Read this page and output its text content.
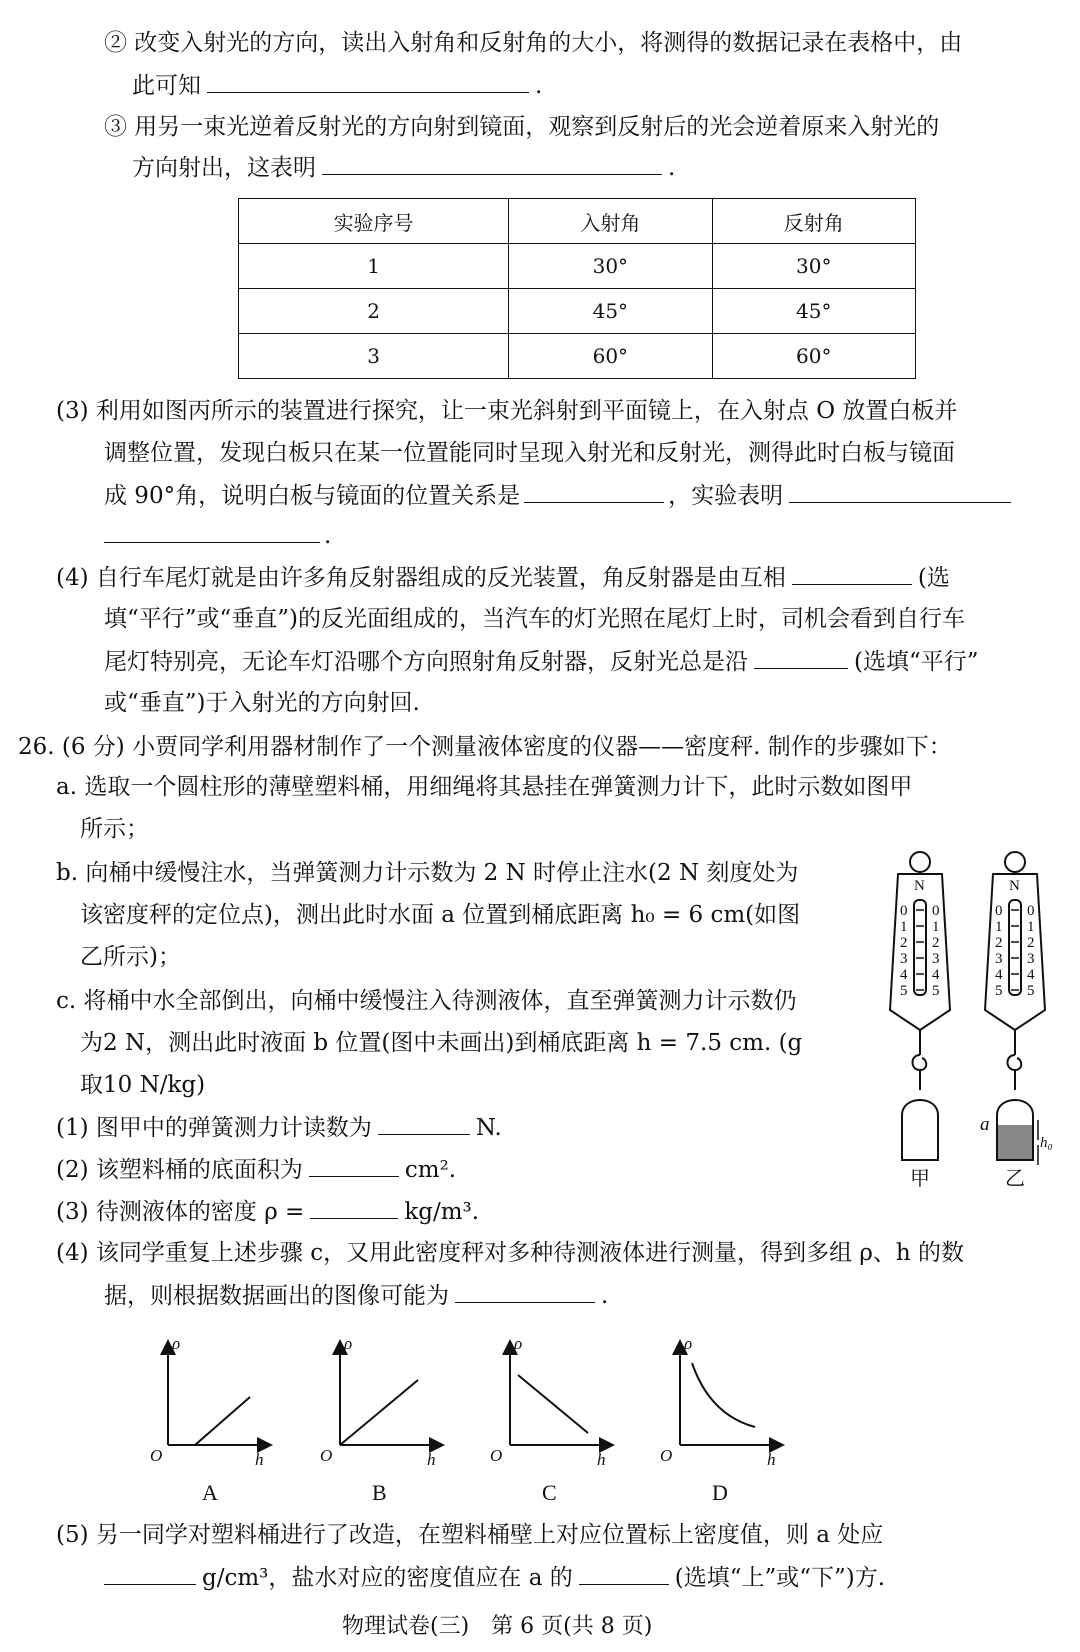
② 改变入射光的方向，读出入射角和反射角的大小，将测得的数据记录在表格中，由
此可知	.
③ 用另一束光逆着反射光的方向射到镜面，观察到反射后的光会逆着原来入射光的
方向射出，这表明	.
实验序号	入射角	反射角
1	30°	30°
2	45°	45°
3	60°	60°
(3) 利用如图丙所示的装置进行探究，让一束光斜射到平面镜上，在入射点 O 放置白板并
调整位置，发现白板只在某一位置能同时呈现入射光和反射光，测得此时白板与镜面
成 90°角，说明白板与镜面的位置关系是	，实验表明
.
(4) 自行车尾灯就是由许多角反射器组成的反光装置，角反射器是由互相	(选
填“平行”或“垂直”)的反光面组成的，当汽车的灯光照在尾灯上时，司机会看到自行车
尾灯特别亮，无论车灯沿哪个方向照射角反射器，反射光总是沿	(选填“平行”
或“垂直”)于入射光的方向射回.
26. (6 分) 小贾同学利用器材制作了一个测量液体密度的仪器——密度秤. 制作的步骤如下：
a. 选取一个圆柱形的薄壁塑料桶，用细绳将其悬挂在弹簧测力计下，此时示数如图甲
所示；
b. 向桶中缓慢注水，当弹簧测力计示数为 2 N 时停止注水(2 N 刻度处为
该密度秤的定位点)，测出此时水面 a 位置到桶底距离 h₀ = 6 cm(如图
乙所示)；
c. 将桶中水全部倒出，向桶中缓慢注入待测液体，直至弹簧测力计示数仍
为2 N，测出此时液面 b 位置(图中未画出)到桶底距离 h = 7.5 cm. (g
取10 N/kg)
(1) 图甲中的弹簧测力计读数为	N.
(2) 该塑料桶的底面积为	cm².
(3) 待测液体的密度 ρ =	kg/m³.
(4) 该同学重复上述步骤 c，又用此密度秤对多种待测液体进行测量，得到多组 ρ、h 的数
据，则根据数据画出的图像可能为	.
(5) 另一同学对塑料桶进行了改造，在塑料桶壁上对应位置标上密度值，则 a 处应
g/cm³，盐水对应的密度值应在 a 的	(选填“上”或“下”)方.
N	N
0
1
2
3
4
5
0
1
2
3
4
5
0
1
2
3
4
5
0
1
2
3
4
5
a
h₀
甲	乙
ρ
h
O
ρ
h
O
ρ
h
O
ρ
h
O
A	B	C	D
物理试卷(三)　第 6 页(共 8 页)
